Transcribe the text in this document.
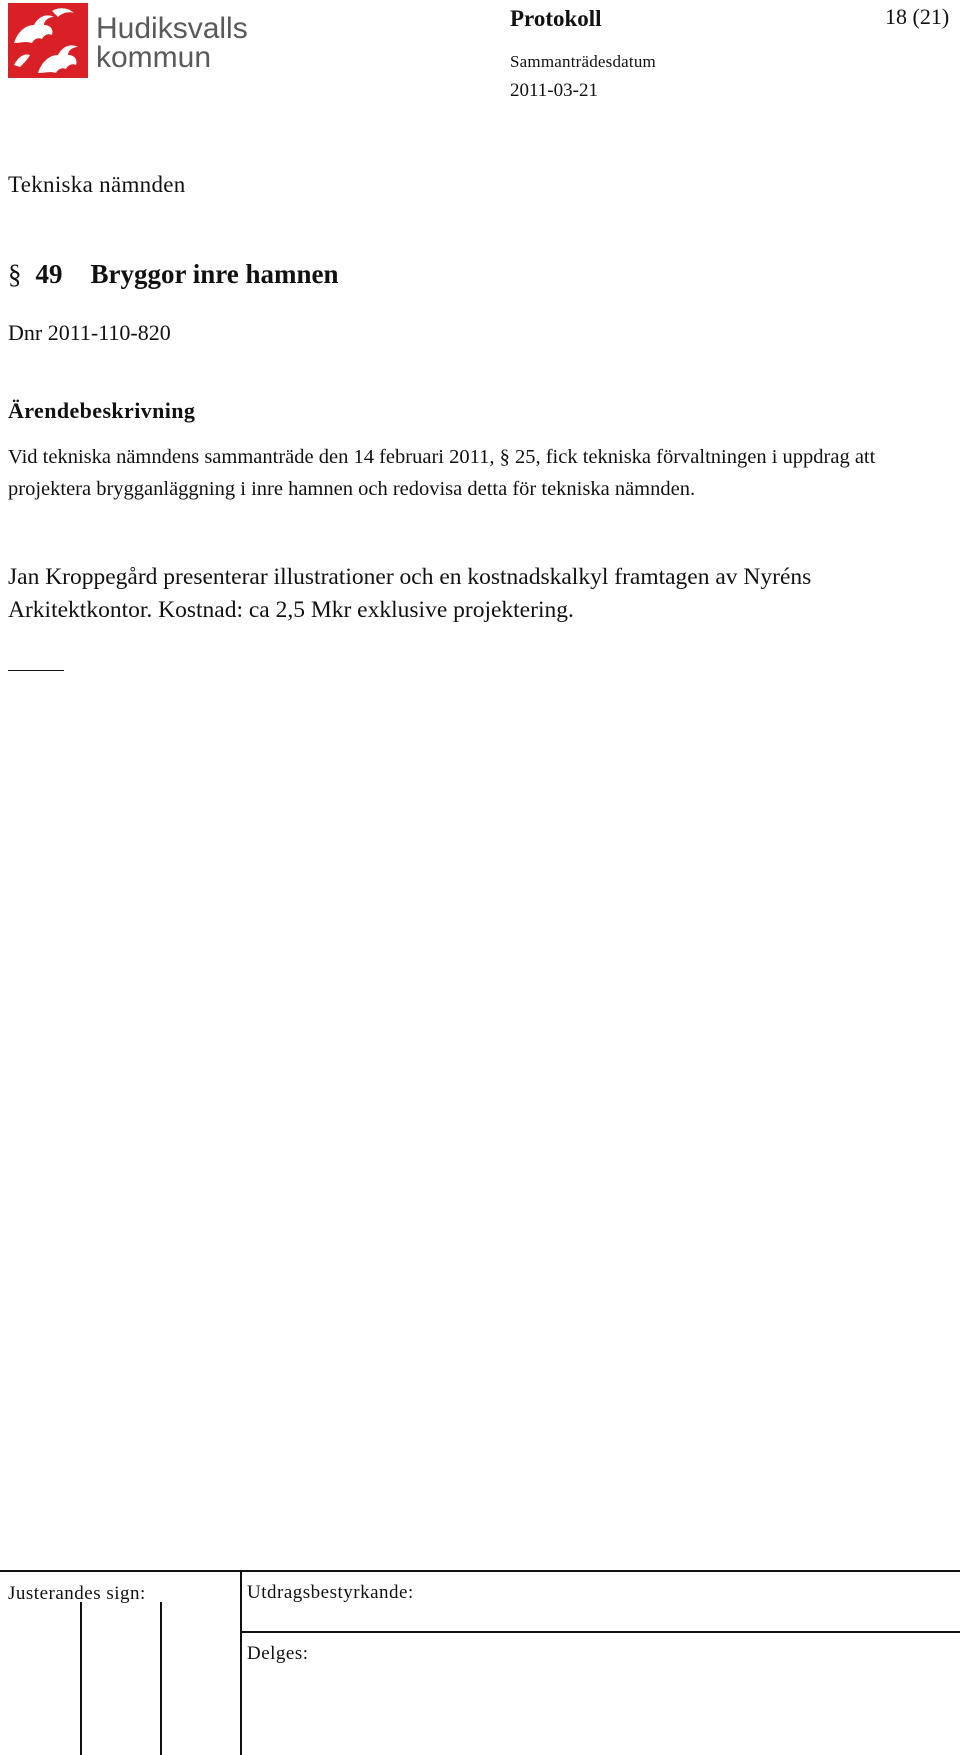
Hudiksvalls
kommun
Protokoll	18 (21)
Sammanträdesdatum
2011-03-21
Tekniska nämnden
§ 49 Bryggor inre hamnen
Dnr 2011-110-820
Ärendebeskrivning
Vid tekniska nämndens sammanträde den 14 februari 2011, § 25, fick tekniska förvaltningen i uppdrag att projektera brygganläggning i inre hamnen och redovisa detta för tekniska nämnden.
Jan Kroppegård presenterar illustrationer och en kostnadskalkyl framtagen av Nyréns Arkitektkontor. Kostnad: ca 2,5 Mkr exklusive projektering.
Justerandes sign:	Utdragsbestyrkande:
Delges:
